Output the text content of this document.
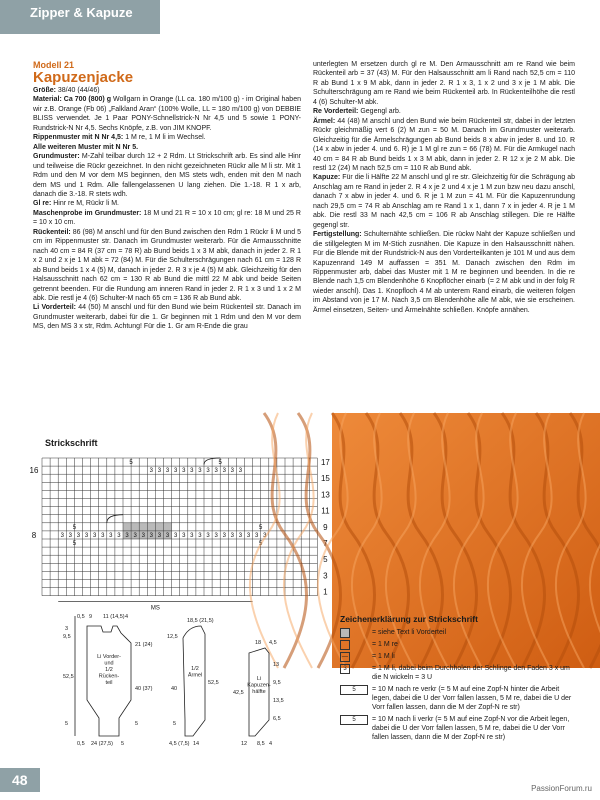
Zipper & Kapuze

Modell 21

Kapuzenjacke

Größe: 38/40 (44/46)

Material: Ca 700 (800) g Wollgarn in Orange (LL ca. 180 m/100 g) - im Original haben wir z.B. Orange (Fb 06) „Falkland Aran“ (100% Wolle, LL = 180 m/100 g) von DEBBIE BLISS verwendet. Je 1 Paar PONY-Schnellstrick-N Nr 4,5 und 5 sowie 1 PONY-Rundstrick-N Nr 4,5. Sechs Knöpfe, z.B. von JIM KNOPF.

Rippenmuster mit N Nr 4,5: 1 M re, 1 M li im Wechsel.

Alle weiteren Muster mit N Nr 5.

Grundmuster: M-Zahl teilbar durch 12 + 2 Rdm. Lt Strickschrift arb. Es sind alle Hinr und teilweise die Rückr gezeichnet. In den nicht gezeichneten Rückr alle M li str. Mit 1 Rdm und den M vor dem MS beginnen, den MS stets wdh, enden mit den M nach dem MS und 1 Rdm. Alle fallengelassenen U lang ziehen. Die 1.-18. R 1 x arb, danach die 3.-18. R stets wdh.

Gl re: Hinr re M, Rückr li M.

Maschenprobe im Grundmuster: 18 M und 21 R = 10 x 10 cm; gl re: 18 M und 25 R = 10 x 10 cm.

Rückenteil: 86 (98) M anschl und für den Bund zwischen den Rdm 1 Rückr li M und 5 cm im Rippenmuster str. Danach im Grundmuster weiterarb. Für die Armausschnitte nach 40 cm = 84 R (37 cm = 78 R) ab Bund beids 1 x 3 M abk, danach in jeder 2. R 1 x 2 und 2 x je 1 M abk = 72 (84) M. Für die Schulterschrägungen nach 61 cm = 128 R ab Bund beids 1 x 4 (5) M, danach in jeder 2. R 3 x je 4 (5) M abk. Gleichzeitig für den Halsausschnitt nach 62 cm = 130 R ab Bund die mittl 22 M abk und beide Seiten getrennt beenden. Für die Rundung am inneren Rand in jeder 2. R 1 x 3 und 1 x 2 M abk. Die restl je 4 (6) Schulter-M nach 65 cm = 136 R ab Bund abk.

Li Vorderteil: 44 (50) M anschl und für den Bund wie beim Rückenteil str. Danach im Grundmuster weiterarb, dabei für die 1. Gr beginnen mit 1 Rdm und den M vor dem MS, den MS 3 x str, Rdm. Achtung! Für die 1. Gr am R-Ende die grau

unterlegten M ersetzen durch gl re M. Den Armausschnitt am re Rand wie beim Rückenteil arb = 37 (43) M. Für den Halsausschnitt am li Rand nach 52,5 cm = 110 R ab Bund 1 x 9 M abk, dann in jeder 2. R 1 x 3, 1 x 2 und 3 x je 1 M abk. Die Schulterschrägung am re Rand wie beim Rückenteil arb. In Rückenteilhöhe die restl 4 (6) Schulter-M abk.

Re Vorderteil: Gegengl arb.

Ärmel: 44 (48) M anschl und den Bund wie beim Rückenteil str, dabei in der letzten Rückr gleichmäßig vert 6 (2) M zun = 50 M. Danach im Grundmuster weiterarb. Gleichzeitig für die Ärmelschrägungen ab Bund beids 8 x abw in jeder 8. und 10. R (14 x abw in jeder 4. und 6. R) je 1 M gl re zun = 66 (78) M. Für die Armkugel nach 40 cm = 84 R ab Bund beids 1 x 3 M abk, dann in jeder 2. R 12 x je 2 M abk. Die restl 12 (24) M nach 52,5 cm = 110 R ab Bund abk.

Kapuze: Für die li Hälfte 22 M anschl und gl re str. Gleichzeitig für die Schrägung ab Anschlag am re Rand in jeder 2. R 4 x je 2 und 4 x je 1 M zun bzw neu dazu anschl, danach 7 x abw in jeder 4. und 6. R je 1 M zun = 41 M. Für die Kapuzenrundung nach 29,5 cm = 74 R ab Anschlag am re Rand 1 x 1, dann 7 x in jeder 4. R je 1 M abk. Die restl 33 M nach 42,5 cm = 106 R ab Anschlag stillegen. Die re Hälfte gegengl str.

Fertigstellung: Schulternähte schließen. Die rückw Naht der Kapuze schließen und die stillgelegten M im M-Stich zusnähen. Die Kapuze in den Halsausschnitt nähen. Für die Blende mit der Rundstrick-N aus den Vorderteilkanten je 101 M und aus dem Kapuzenrand 149 M auffassen = 351 M. Danach zwischen den Rdm im Rippenmuster arb, dabei das Muster mit 1 M re beginnen und beenden. In die re Blende nach 1,5 cm Blendenhöhe 6 Knopflöcher einarb (= 2 M abk und in der folg R wieder anschl). Das 1. Knopfloch 4 M ab unterem Rand einarb, die weiteren folgen im Abstand von je 17 M. Nach 3,5 cm Blendenhöhe alle M abk, wie sie erscheinen. Ärmel einsetzen, Seiten- und Ärmelnähte schließen. Knöpfe annähen.

Strickschrift
3 3 3 3 3 3 3 3 3 3 3 3
3 3 3 3 3 3 3 3 3 3 3 3 3 3 3 3 3 3 3 3 3 3 3 3 3 3
5	5
5	5
5	5
17
15
13
11
9
7
5
3
1
16
8
MS
0,5 9 11 (14,5) 4
3
9,5
52,5
5
21 (24)
40 (37)
5
0,5 24 (27,5) 5
18,5 (21,5)
12,5
40
5
52,5
4,5 (7,5) 14
18 4,5
42,5
13
9,5
13,5
6,5
12 8,5 4
Li Vorder-und 1/2 Rücken-teil
1/2 Ärmel
Li Kapuzen-hälfte
Zeichenerklärung zur Strickschrift
= siehe Text li Vorderteil
= 1 M re
—	= 1 M li
3	= 1 M li, dabei beim Durchholen der Schlinge den Faden 3 x um die N wickeln = 3 U
5	= 10 M nach re verkr (= 5 M auf eine Zopf-N hinter die Arbeit legen, dabei die U der Vorr fallen lassen, 5 M re, dabei die U der Vorr fallen lassen, dann die M der Zopf-N re str)
5	= 10 M nach li verkr (= 5 M auf eine Zopf-N vor die Arbeit legen, dabei die U der Vorr fallen lassen, 5 M re, dabei die U der Vorr fallen lassen, dann die M der Zopf-N re str)
48
PassionForum.ru
